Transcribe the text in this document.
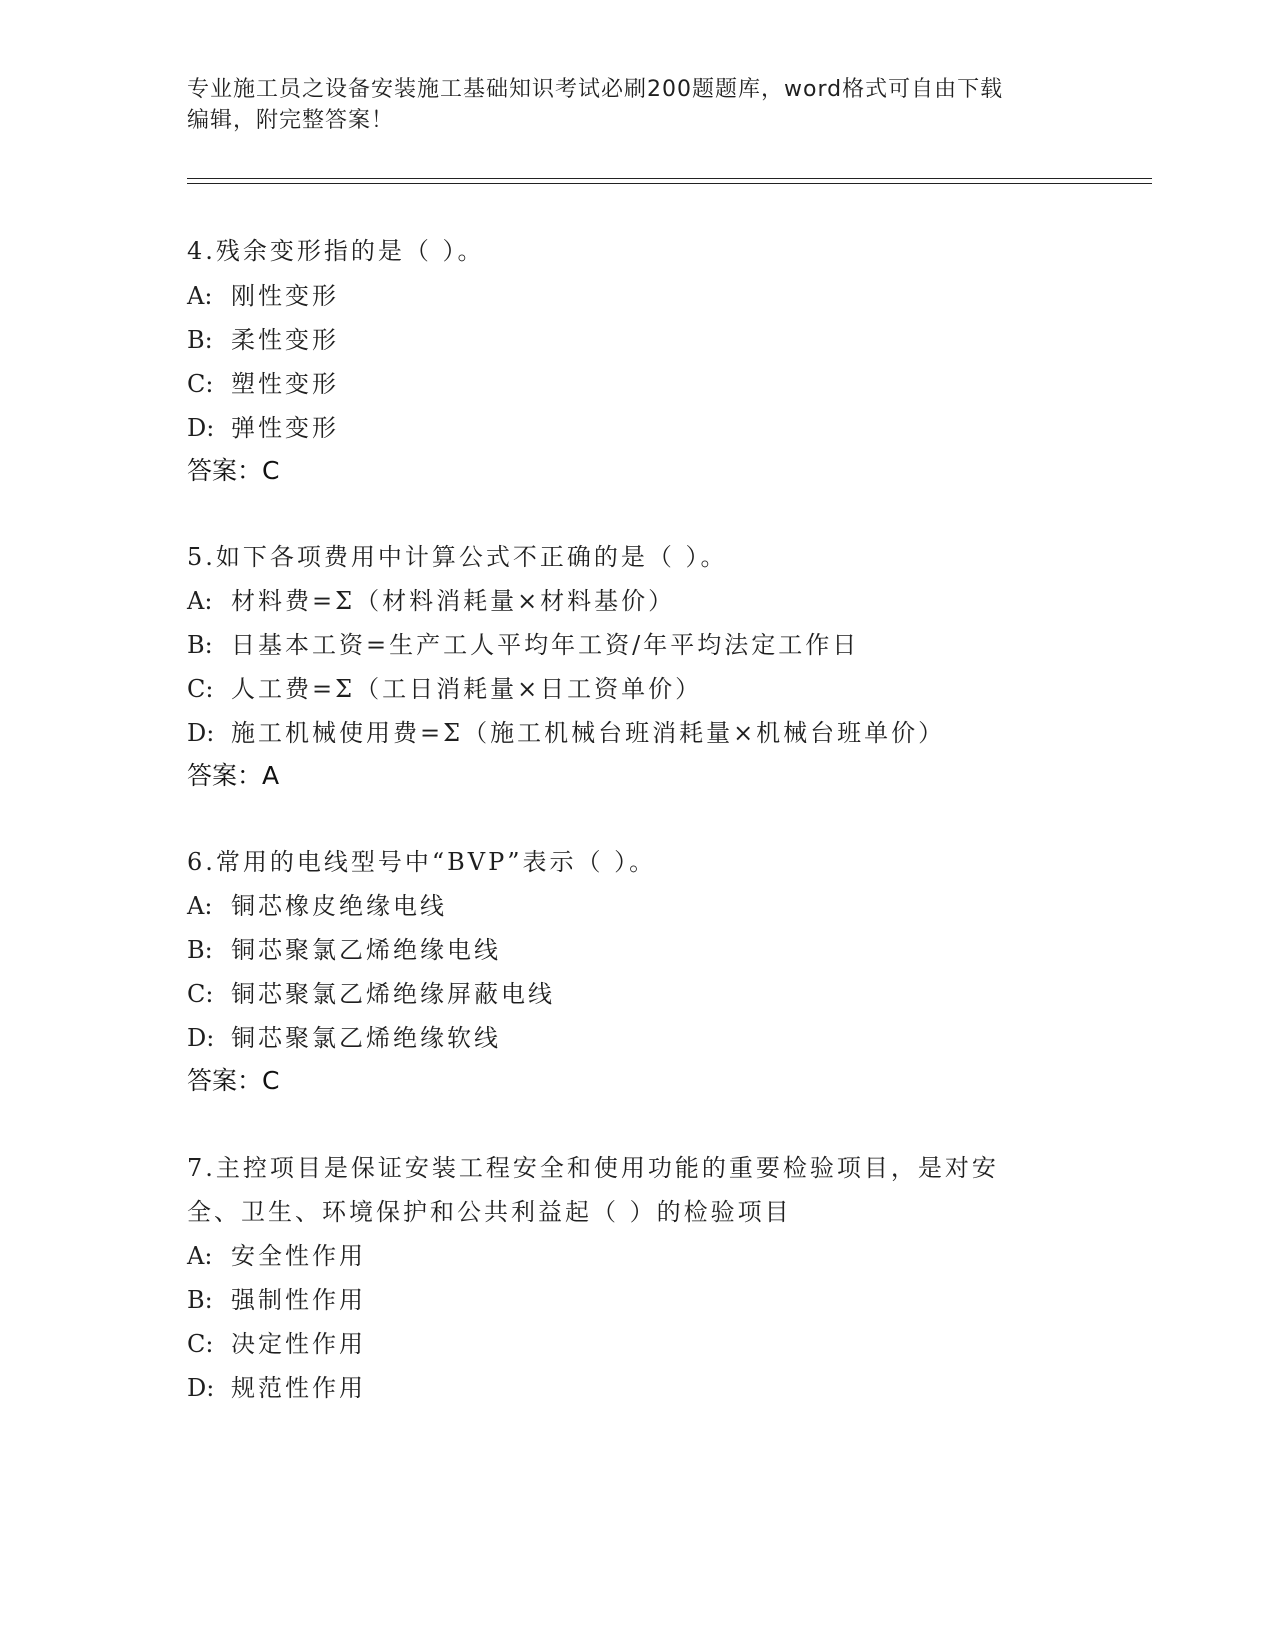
专业施工员之设备安装施工基础知识考试必刷200题题库，word格式可自由下载
编辑，附完整答案！
4.残余变形指的是（ ）。
A: 刚性变形
B: 柔性变形
C: 塑性变形
D: 弹性变形
答案：C
5.如下各项费用中计算公式不正确的是（ ）。
A: 材料费=Σ（材料消耗量×材料基价）
B: 日基本工资=生产工人平均年工资/年平均法定工作日
C: 人工费=Σ（工日消耗量×日工资单价）
D: 施工机械使用费=Σ（施工机械台班消耗量×机械台班单价）
答案：A
6.常用的电线型号中“BVP”表示（ ）。
A: 铜芯橡皮绝缘电线
B: 铜芯聚氯乙烯绝缘电线
C: 铜芯聚氯乙烯绝缘屏蔽电线
D: 铜芯聚氯乙烯绝缘软线
答案：C
7.主控项目是保证安装工程安全和使用功能的重要检验项目，是对安
全、卫生、环境保护和公共利益起（ ）的检验项目
A: 安全性作用
B: 强制性作用
C: 决定性作用
D: 规范性作用
